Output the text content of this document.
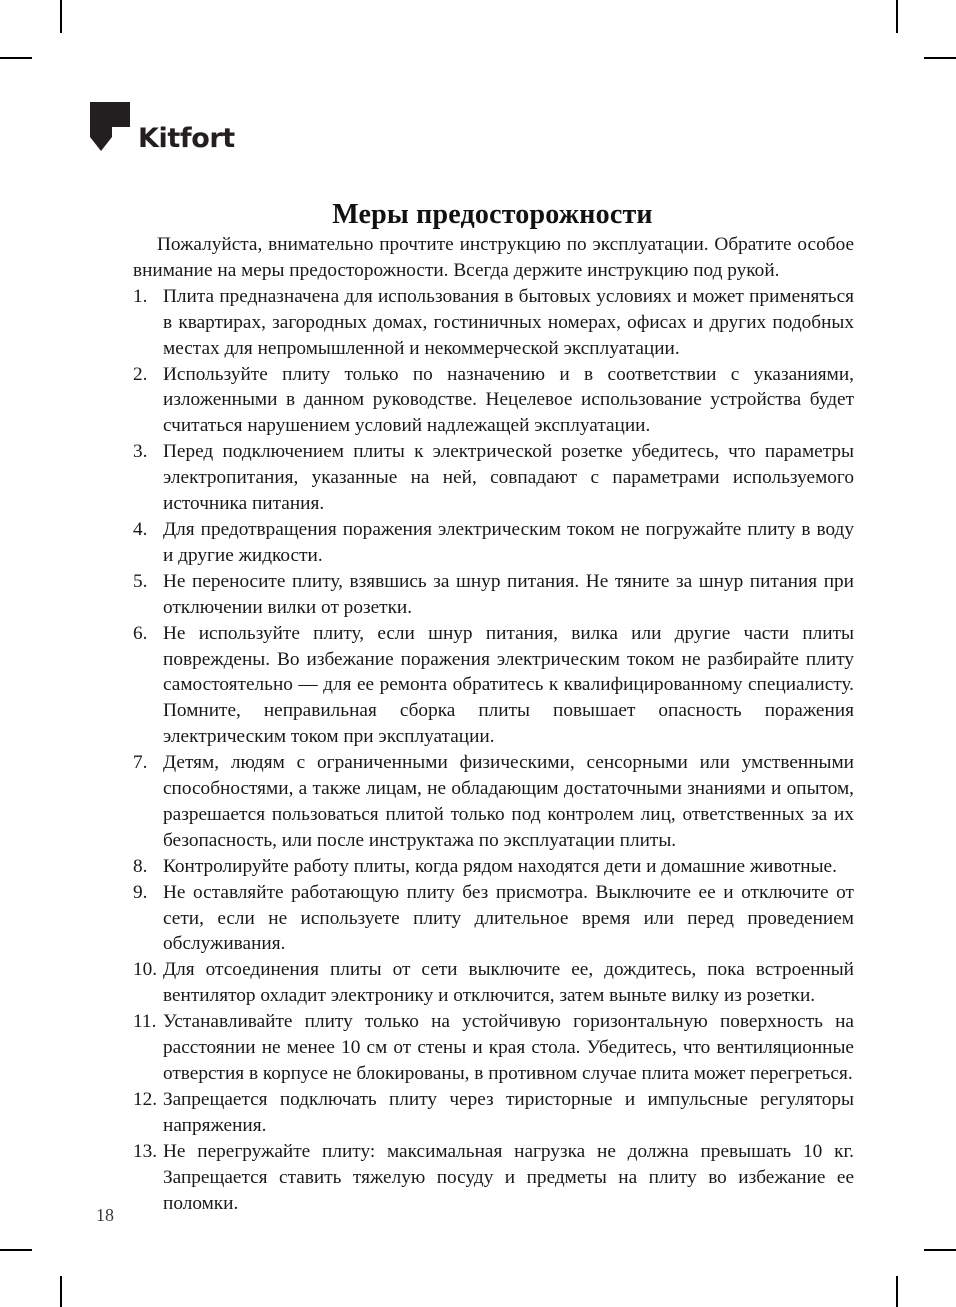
Kitfort
Меры предосторожности

Пожалуйста, внимательно прочтите инструкцию по эксплуатации. Обратите особое внимание на меры предосторожности. Всегда держите инструкцию под рукой.

1. Плита предназначена для использования в бытовых условиях и может применяться в квартирах, загородных домах, гостиничных номерах, офисах и других подобных местах для непромышленной и некоммерческой эксплуатации.
2. Используйте плиту только по назначению и в соответствии с указаниями, изложенными в данном руководстве. Нецелевое использование устройства будет считаться нарушением условий надлежащей эксплуатации.
3. Перед подключением плиты к электрической розетке убедитесь, что параметры электропитания, указанные на ней, совпадают с параметрами используемого источника питания.
4. Для предотвращения поражения электрическим током не погружайте плиту в воду и другие жидкости.
5. Не переносите плиту, взявшись за шнур питания. Не тяните за шнур питания при отключении вилки от розетки.
6. Не используйте плиту, если шнур питания, вилка или другие части плиты повреждены. Во избежание поражения электрическим током не разбирайте плиту самостоятельно — для ее ремонта обратитесь к квалифицированному специалисту. Помните, неправильная сборка плиты повышает опасность поражения электрическим током при эксплуатации.
7. Детям, людям с ограниченными физическими, сенсорными или умственными способностями, а также лицам, не обладающим достаточными знаниями и опытом, разрешается пользоваться плитой только под контролем лиц, ответственных за их безопасность, или после инструктажа по эксплуатации плиты.
8. Контролируйте работу плиты, когда рядом находятся дети и домашние животные.
9. Не оставляйте работающую плиту без присмотра. Выключите ее и отключите от сети, если не используете плиту длительное время или перед проведением обслуживания.
10. Для отсоединения плиты от сети выключите ее, дождитесь, пока встроенный вентилятор охладит электронику и отключится, затем выньте вилку из розетки.
11. Устанавливайте плиту только на устойчивую горизонтальную поверхность на расстоянии не менее 10 см от стены и края стола. Убедитесь, что вентиляционные отверстия в корпусе не блокированы, в противном случае плита может перегреться.
12. Запрещается подключать плиту через тиристорные и импульсные регуляторы напряжения.
13. Не перегружайте плиту: максимальная нагрузка не должна превышать 10 кг. Запрещается ставить тяжелую посуду и предметы на плиту во избежание ее поломки.
18
